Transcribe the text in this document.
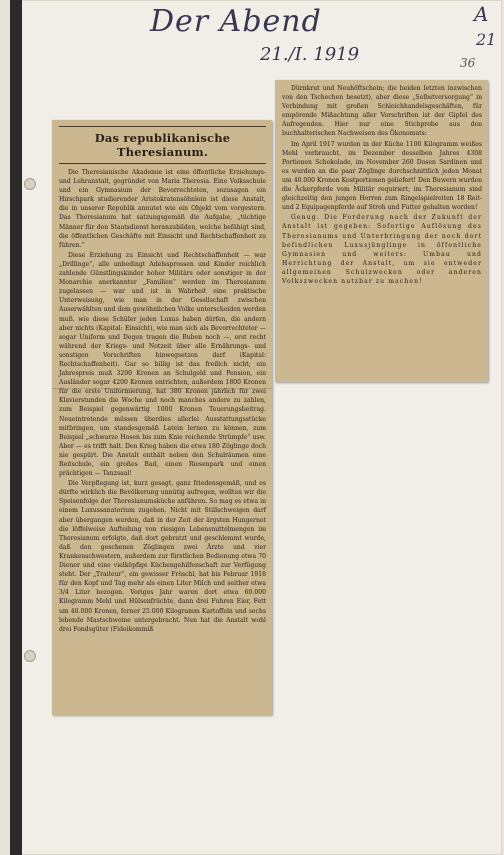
Der Abend
21./I. 1919
A
21
36
Das republikanische Theresianum.

Die Theresianische Akademie ist eine öffentliche Erziehungs- und Lehranstalt, gegründet von Maria Theresia. Eine Volksschule und ein Gymnasium der Bevorrechteten, sozusagen ein Hirschpark studierender Aristokratensöhnlein ist diese Anstalt, die in unserer Republik annutet wie ein Objekt vom vorgestern. Das Theresianum hat satzungsgemäß die Aufgabe, „tüchtige Männer für den Staatsdienst heranzubilden, welche befähigt sind, die öffentlichen Geschäfte mit Einsicht und Rechtschaffenheit zu führen.“

Diese Erziehung zu Einsicht und Rechtschaffenheit — war „Drillinge“, alle unbedingt Adelssprossen und Kinder reichlich zahlende Günstlingskinder hoher Militärs oder sonstiger in der Monarchie anerkannter „Familien“ werden im Theresianum zugelassen — war und ist in Wahrheit eine praktische Unterweisung, wie man in der Gesellschaft zwischen Auserwählten und dem gewöhnlichen Volke unterscheiden werden muß. wie diese Schüler jeden Luxus haben dürfen, die andern aber nichts (Kapital: Einsicht), wie man sich als Bevorrechteter — sogar Uniform und Degen tragen die Buben noch —, erst recht während der Kriegs- und Notzeit über alle Ernährungs- und sonstigen Vorschriften hinwegsetzen darf (Kapital: Rechtschaffenheit). Gar so billig ist das freilich nicht; ein Jahrespreis muß 3200 Kronen an Schulgeld und Pension, ein Ausländer sogar 4200 Kronen entrichten, außerdem 1800 Kronen für die erste Uniformierung, hat 380 Kronen jährlich für zwei Klavierstunden die Woche und noch manches andere zu zahlen, zum Beispiel gegenwärtig 1000 Kronen Teuerungsbeitrag. Neueintretende müssen überdies allerlei Ausstattungsstücke mitbringen, um standesgemäß Latein lernen zu können, zum Beispiel „schwarze Hosen bis zum Knie reichende Strümpfe“ usw. Aber — es trifft halt. Den Krieg haben die etwa 180 Zöglinge doch nie gespürt. Die Anstalt enthält neben den Schulräumen eine Reitschule, ein großes Bad, einen Riesenpark und einen prächtigen — Tanzsaal!

Die Verpflegung ist, kurz gesagt, ganz friedensgemäß, und es dürfte wirklich die Bevölkerung unnütig aufregen, wollten wir die Speisenfolge der Theresianumsküche anführen. So mag es etwa in einem Luxussanatorium zugehen. Nicht mit Stillschweigen darf aber übergangen werden, daß in der Zeit der ärgsten Hungernot die löffelweise Aufteilung von riesigen Lebensmittelmengen im Theresianum erfolgte, daß dort gebratzt und geschlemmt wurde, daß den geschenen Zöglingen zwei Ärzte und vier Krankenschwestern, außerdem zur fürstlichen Bedienung etwa 70 Diener und eine vielköpfige Küchengehilfenschaft zur Verfügung steht. Der „Traiteur“, ein gewisser Fröschl, hat bis Februar 1918 für den Kopf und Tag mehr als einen Liter Milch und seither etwa 3/4 Liter bezogen. Voriges Jahr waren dort etwa 60.000 Kilogramm Mehl und Hülsenfrüchte, dann drei Fuhren Eier, Fett um 40.000 Kronen, ferner 25.000 Kilogramm Kartoffeln und sechs lebende Mastschweine untergebracht. Nun hat die Anstalt wohl drei Fondsgüter (Fideikommiß

Dürnkrut und Neuhöftschein; die beiden letzten inzwischen von den Tschechen besetzt), aber diese „Selbstversorgung“ in Verbindung mit großen Schleichhandelsgeschäften, für empörende Mißachtung aller Vorschriften ist der Gipfel des Aufregenden. Hier nur eine Stichprobe aus den buchhalterischen Nachweisen des Ökonomats:

Im April 1917 wurden in der Küche 1100 Kilogramm weißes Mehl verbraucht, im Dezember desselben Jahres 4308 Portionen Schokolade, im November 260 Dosen Sardinen und es wurden an die paar Zöglinge durchschnittlich jeden Monat um 40.000 Kronen Kostportionen geliefert! Den Buwern wurden die Äckerpferde vom Militär requiriert; im Theresianum sind gleichzeitig den jungen Herren zum Ringelspielreiten 18 Reit- und 2 Equipagenpferde auf Stroh und Futter gehalten worden!

Genug. Die Forderung nach der Zukunft der Anstalt ist gegeben: Sofortige Auflösung des Theresianums und Unterbringung der noch dort befindlichen Luxusjünglinge in öffentliche Gymnasien und weiters: Umbau und Herrichtung der Anstalt, um sie entweder allgemeinen Schulzwecken oder anderen Volkszwecken nutzbar zu machen!
